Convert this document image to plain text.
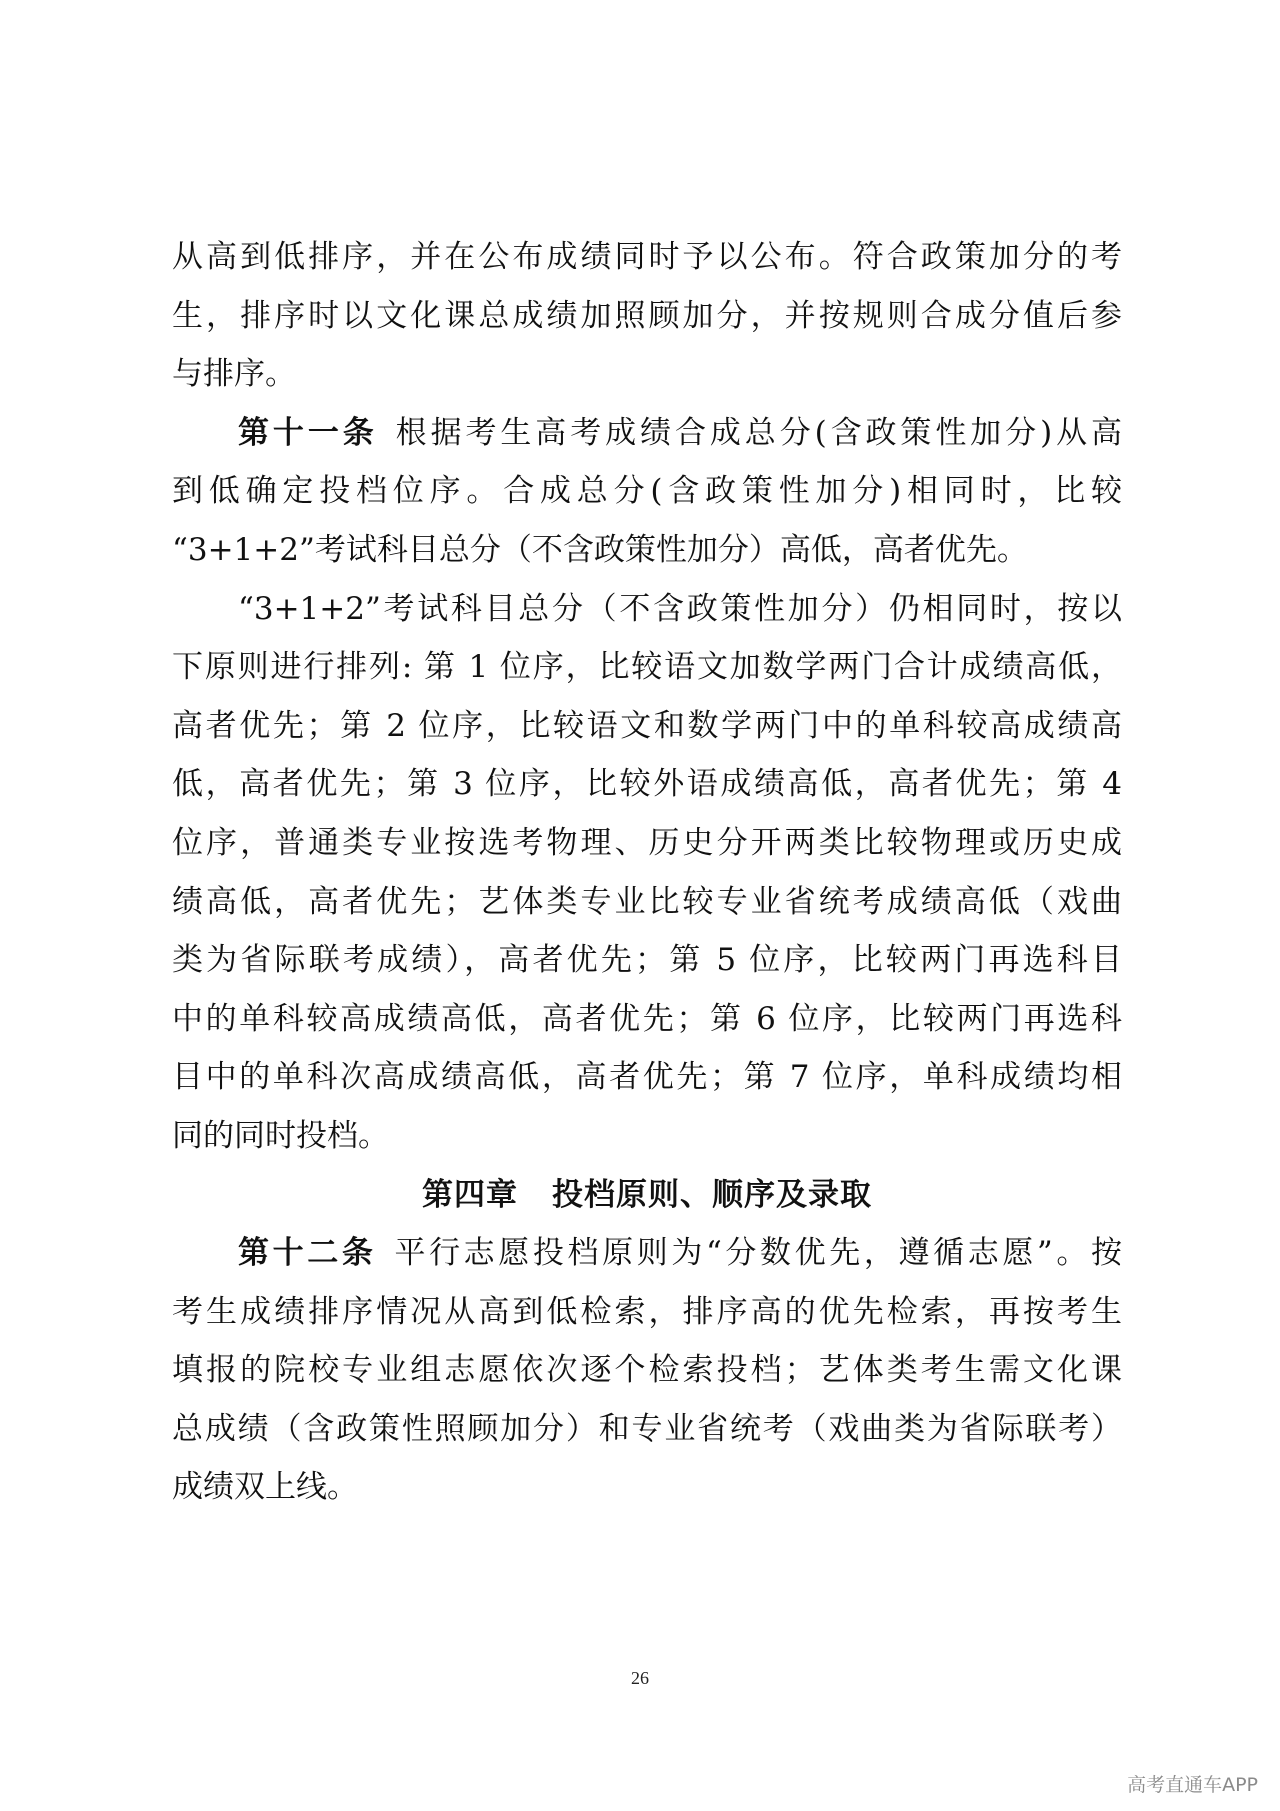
从高到低排序，并在公布成绩同时予以公布。符合政策加分的考
生，排序时以文化课总成绩加照顾加分，并按规则合成分值后参
与排序。
第十一条 根据考生高考成绩合成总分(含政策性加分)从高
到低确定投档位序。合成总分(含政策性加分)相同时，比较
“3+1+2”考试科目总分（不含政策性加分）高低，高者优先。
“3+1+2”考试科目总分（不含政策性加分）仍相同时，按以
下原则进行排列: 第 1 位序，比较语文加数学两门合计成绩高低，
高者优先；第 2 位序，比较语文和数学两门中的单科较高成绩高
低，高者优先；第 3 位序，比较外语成绩高低，高者优先；第 4
位序，普通类专业按选考物理、历史分开两类比较物理或历史成
绩高低，高者优先；艺体类专业比较专业省统考成绩高低（戏曲
类为省际联考成绩），高者优先；第 5 位序，比较两门再选科目
中的单科较高成绩高低，高者优先；第 6 位序，比较两门再选科
目中的单科次高成绩高低，高者优先；第 7 位序，单科成绩均相
同的同时投档。
第四章 投档原则、顺序及录取
第十二条 平行志愿投档原则为“分数优先，遵循志愿”。按
考生成绩排序情况从高到低检索，排序高的优先检索，再按考生
填报的院校专业组志愿依次逐个检索投档；艺体类考生需文化课
总成绩（含政策性照顾加分）和专业省统考（戏曲类为省际联考）
成绩双上线。
26
高考直通车APP
